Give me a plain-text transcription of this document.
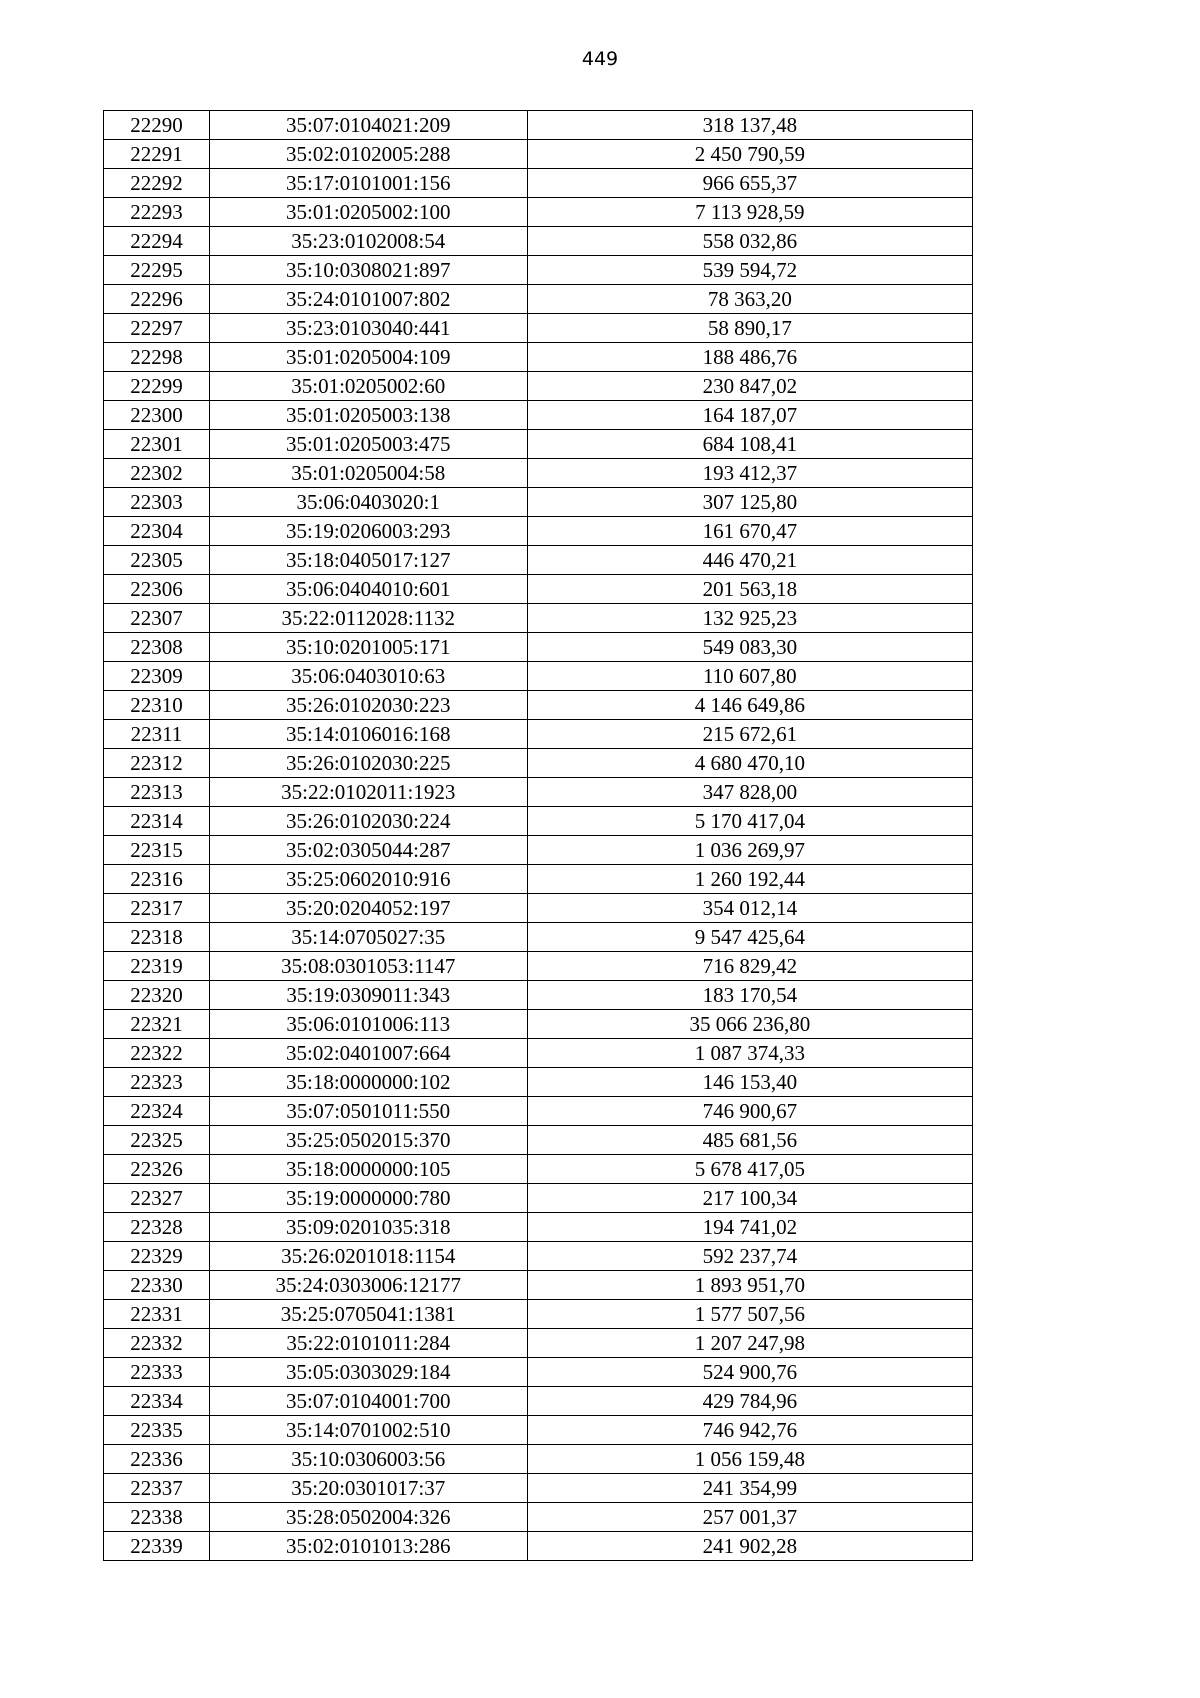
449
22290	35:07:0104021:209	318 137,48
22291	35:02:0102005:288	2 450 790,59
22292	35:17:0101001:156	966 655,37
22293	35:01:0205002:100	7 113 928,59
22294	35:23:0102008:54	558 032,86
22295	35:10:0308021:897	539 594,72
22296	35:24:0101007:802	78 363,20
22297	35:23:0103040:441	58 890,17
22298	35:01:0205004:109	188 486,76
22299	35:01:0205002:60	230 847,02
22300	35:01:0205003:138	164 187,07
22301	35:01:0205003:475	684 108,41
22302	35:01:0205004:58	193 412,37
22303	35:06:0403020:1	307 125,80
22304	35:19:0206003:293	161 670,47
22305	35:18:0405017:127	446 470,21
22306	35:06:0404010:601	201 563,18
22307	35:22:0112028:1132	132 925,23
22308	35:10:0201005:171	549 083,30
22309	35:06:0403010:63	110 607,80
22310	35:26:0102030:223	4 146 649,86
22311	35:14:0106016:168	215 672,61
22312	35:26:0102030:225	4 680 470,10
22313	35:22:0102011:1923	347 828,00
22314	35:26:0102030:224	5 170 417,04
22315	35:02:0305044:287	1 036 269,97
22316	35:25:0602010:916	1 260 192,44
22317	35:20:0204052:197	354 012,14
22318	35:14:0705027:35	9 547 425,64
22319	35:08:0301053:1147	716 829,42
22320	35:19:0309011:343	183 170,54
22321	35:06:0101006:113	35 066 236,80
22322	35:02:0401007:664	1 087 374,33
22323	35:18:0000000:102	146 153,40
22324	35:07:0501011:550	746 900,67
22325	35:25:0502015:370	485 681,56
22326	35:18:0000000:105	5 678 417,05
22327	35:19:0000000:780	217 100,34
22328	35:09:0201035:318	194 741,02
22329	35:26:0201018:1154	592 237,74
22330	35:24:0303006:12177	1 893 951,70
22331	35:25:0705041:1381	1 577 507,56
22332	35:22:0101011:284	1 207 247,98
22333	35:05:0303029:184	524 900,76
22334	35:07:0104001:700	429 784,96
22335	35:14:0701002:510	746 942,76
22336	35:10:0306003:56	1 056 159,48
22337	35:20:0301017:37	241 354,99
22338	35:28:0502004:326	257 001,37
22339	35:02:0101013:286	241 902,28
